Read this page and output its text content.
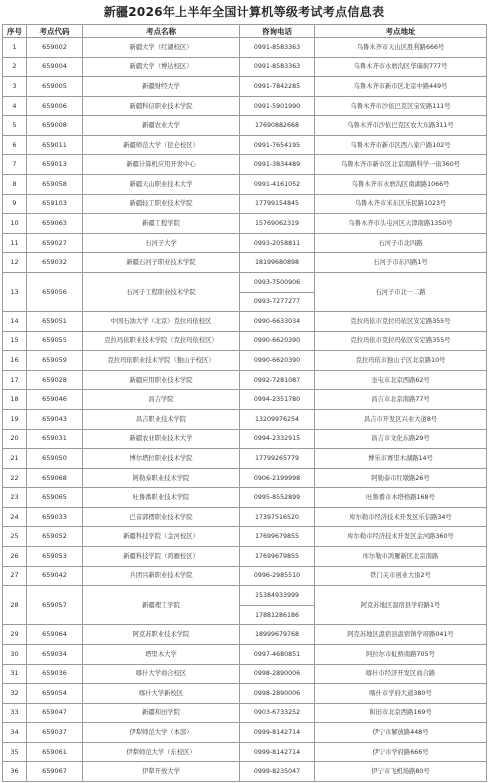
新疆2026年上半年全国计算机等级考试考点信息表
序号	考点代码	考点名称	咨询电话	考点地址
1	659002	新疆大学（红湖校区）	0991-8583363	乌鲁木齐市天山区胜利路666号
2	659004	新疆大学（博达校区）	0991-8583363	乌鲁木齐市水磨沟区华瑞街777号
3	659005	新疆财经大学	0991-7842285	乌鲁木齐市新市区北京中路449号
4	659006	新疆科信职业技术学院	0991-5901990	乌鲁木齐市沙依巴克区宝安路111号
5	659008	新疆农业大学	17690882668	乌鲁木齐市沙依巴克区农大东路311号
6	659011	新疆师范大学（昆仑校区）	0991-7654195	乌鲁木齐市新市区西八家户路102号
7	659013	新疆计算机应用开发中心	0991-3834489	乌鲁木齐市新市区北京南路科学一街360号
8	659058	新疆天山职业技术大学	0991-4161052	乌鲁木齐市水磨沟区南湖路1066号
9	659103	新疆轻工职业技术学院	17799154845	乌鲁木齐市米东区乐民路1023号
10	659063	新疆工程学院	15769062319	乌鲁木齐市头屯河区天津南路1350号
11	659027	石河子大学	0993-2058811	石河子市北四路
12	659032	新疆石河子职业技术学院	18199680898	石河子市东四路1号
13	659056	石河子工程职业技术学院	0993-7500906	石河子市北一二路
			0993-7277277	
14	659051	中国石油大学（北京）克拉玛依校区	0990-6633034	克拉玛依市克拉玛依区安定路355号
15	659055	克拉玛依职业技术学院（克拉玛依校区）	0990-6620390	克拉玛依市克拉玛依区安定路355号
16	659059	克拉玛依职业技术学院（独山子校区）	0990-6620390	克拉玛依市独山子区北京路10号
17	659028	新疆应用职业技术学院	0992-7281087	奎屯市北京西路62号
18	659046	昌吉学院	0994-2351780	昌吉市北京南路77号
19	659043	昌吉职业技术学院	13209976254	昌吉市开发区兴业大道8号
20	659031	新疆农业职业技术大学	0994-2332915	昌吉市文化东路29号
21	659050	博尔塔拉职业技术学院	17799265779	博乐市赛里木湖路14号
22	659068	阿勒泰职业技术学院	0906-2199998	阿勒泰市红墩路26号
23	659065	吐鲁番职业技术学院	0995-8552899	吐鲁番市木塔格路168号
24	659033	巴音郭楞职业技术学院	17397516520	库尔勒市经济技术开发区乐信路34号
25	659052	新疆科技学院（金河校区）	17699679855	库尔勒市经济技术开发区金河路360号
26	659053	新疆科技学院（鸿雁校区）	17699679855	库尔勒市鸿雁新区北京南路
27	659042	兵团兴新职业技术学院	0996-2985510	铁门关市创业大街2号
28	659057	新疆理工学院	15384933999	阿克苏地区温宿县学府路1号
			17881286186	
29	659064	阿克苏职业技术学院	18999679768	阿克苏地区温宿县温宿镇学府路041号
30	659034	塔里木大学	0997-4680851	阿拉尔市虹桥南路705号
31	659036	喀什大学商合校区	0998-2890006	喀什市经济开发区商合路
32	659054	喀什大学新校区	0998-2890006	喀什市学府大道380号
33	659047	新疆和田学院	0903-6733252	和田市北京西路169号
34	659037	伊犁师范大学（本部）	0999-8142714	伊宁市解放路448号
35	659061	伊犁师范大学（东校区）	0999-8142714	伊宁市学府路666号
36	659067	伊犁开放大学	0999-8235047	伊宁市飞机场路80号
